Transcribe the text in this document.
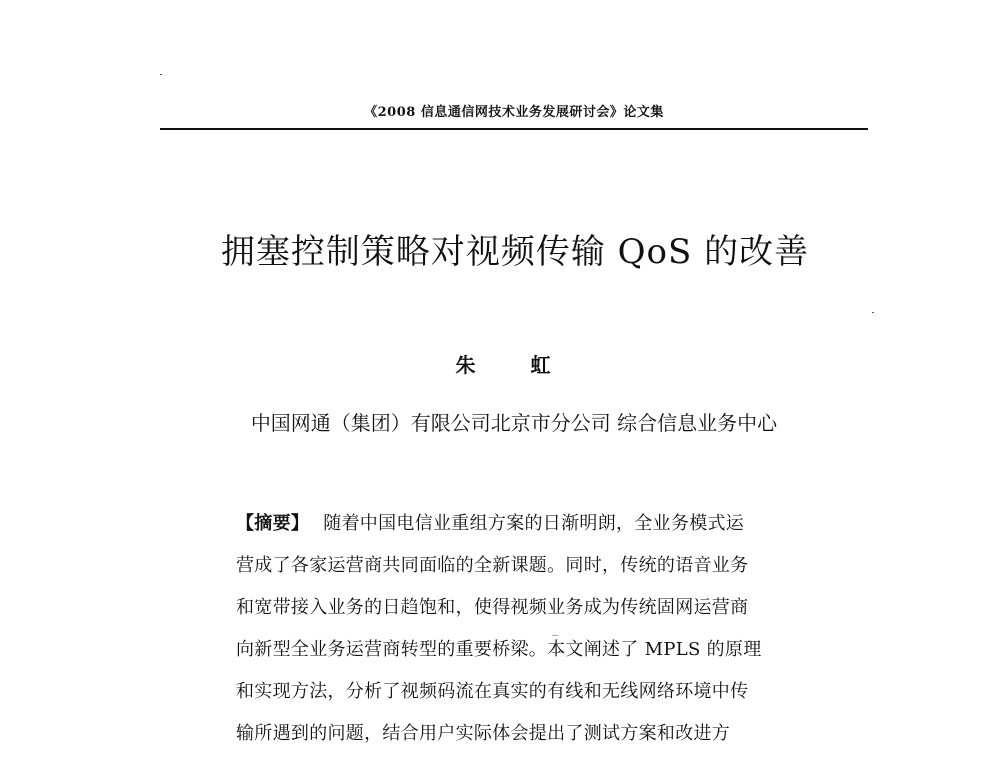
《2008 信息通信网技术业务发展研讨会》论文集
拥塞控制策略对视频传输 QoS 的改善
朱 虹
中国网通（集团）有限公司北京市分公司 综合信息业务中心
【摘要】 随着中国电信业重组方案的日渐明朗，全业务模式运
营成了各家运营商共同面临的全新课题。同时，传统的语音业务
和宽带接入业务的日趋饱和，使得视频业务成为传统固网运营商
向新型全业务运营商转型的重要桥梁。本文阐述了 MPLS 的原理
和实现方法，分析了视频码流在真实的有线和无线网络环境中传
输所遇到的问题，结合用户实际体会提出了测试方案和改进方
